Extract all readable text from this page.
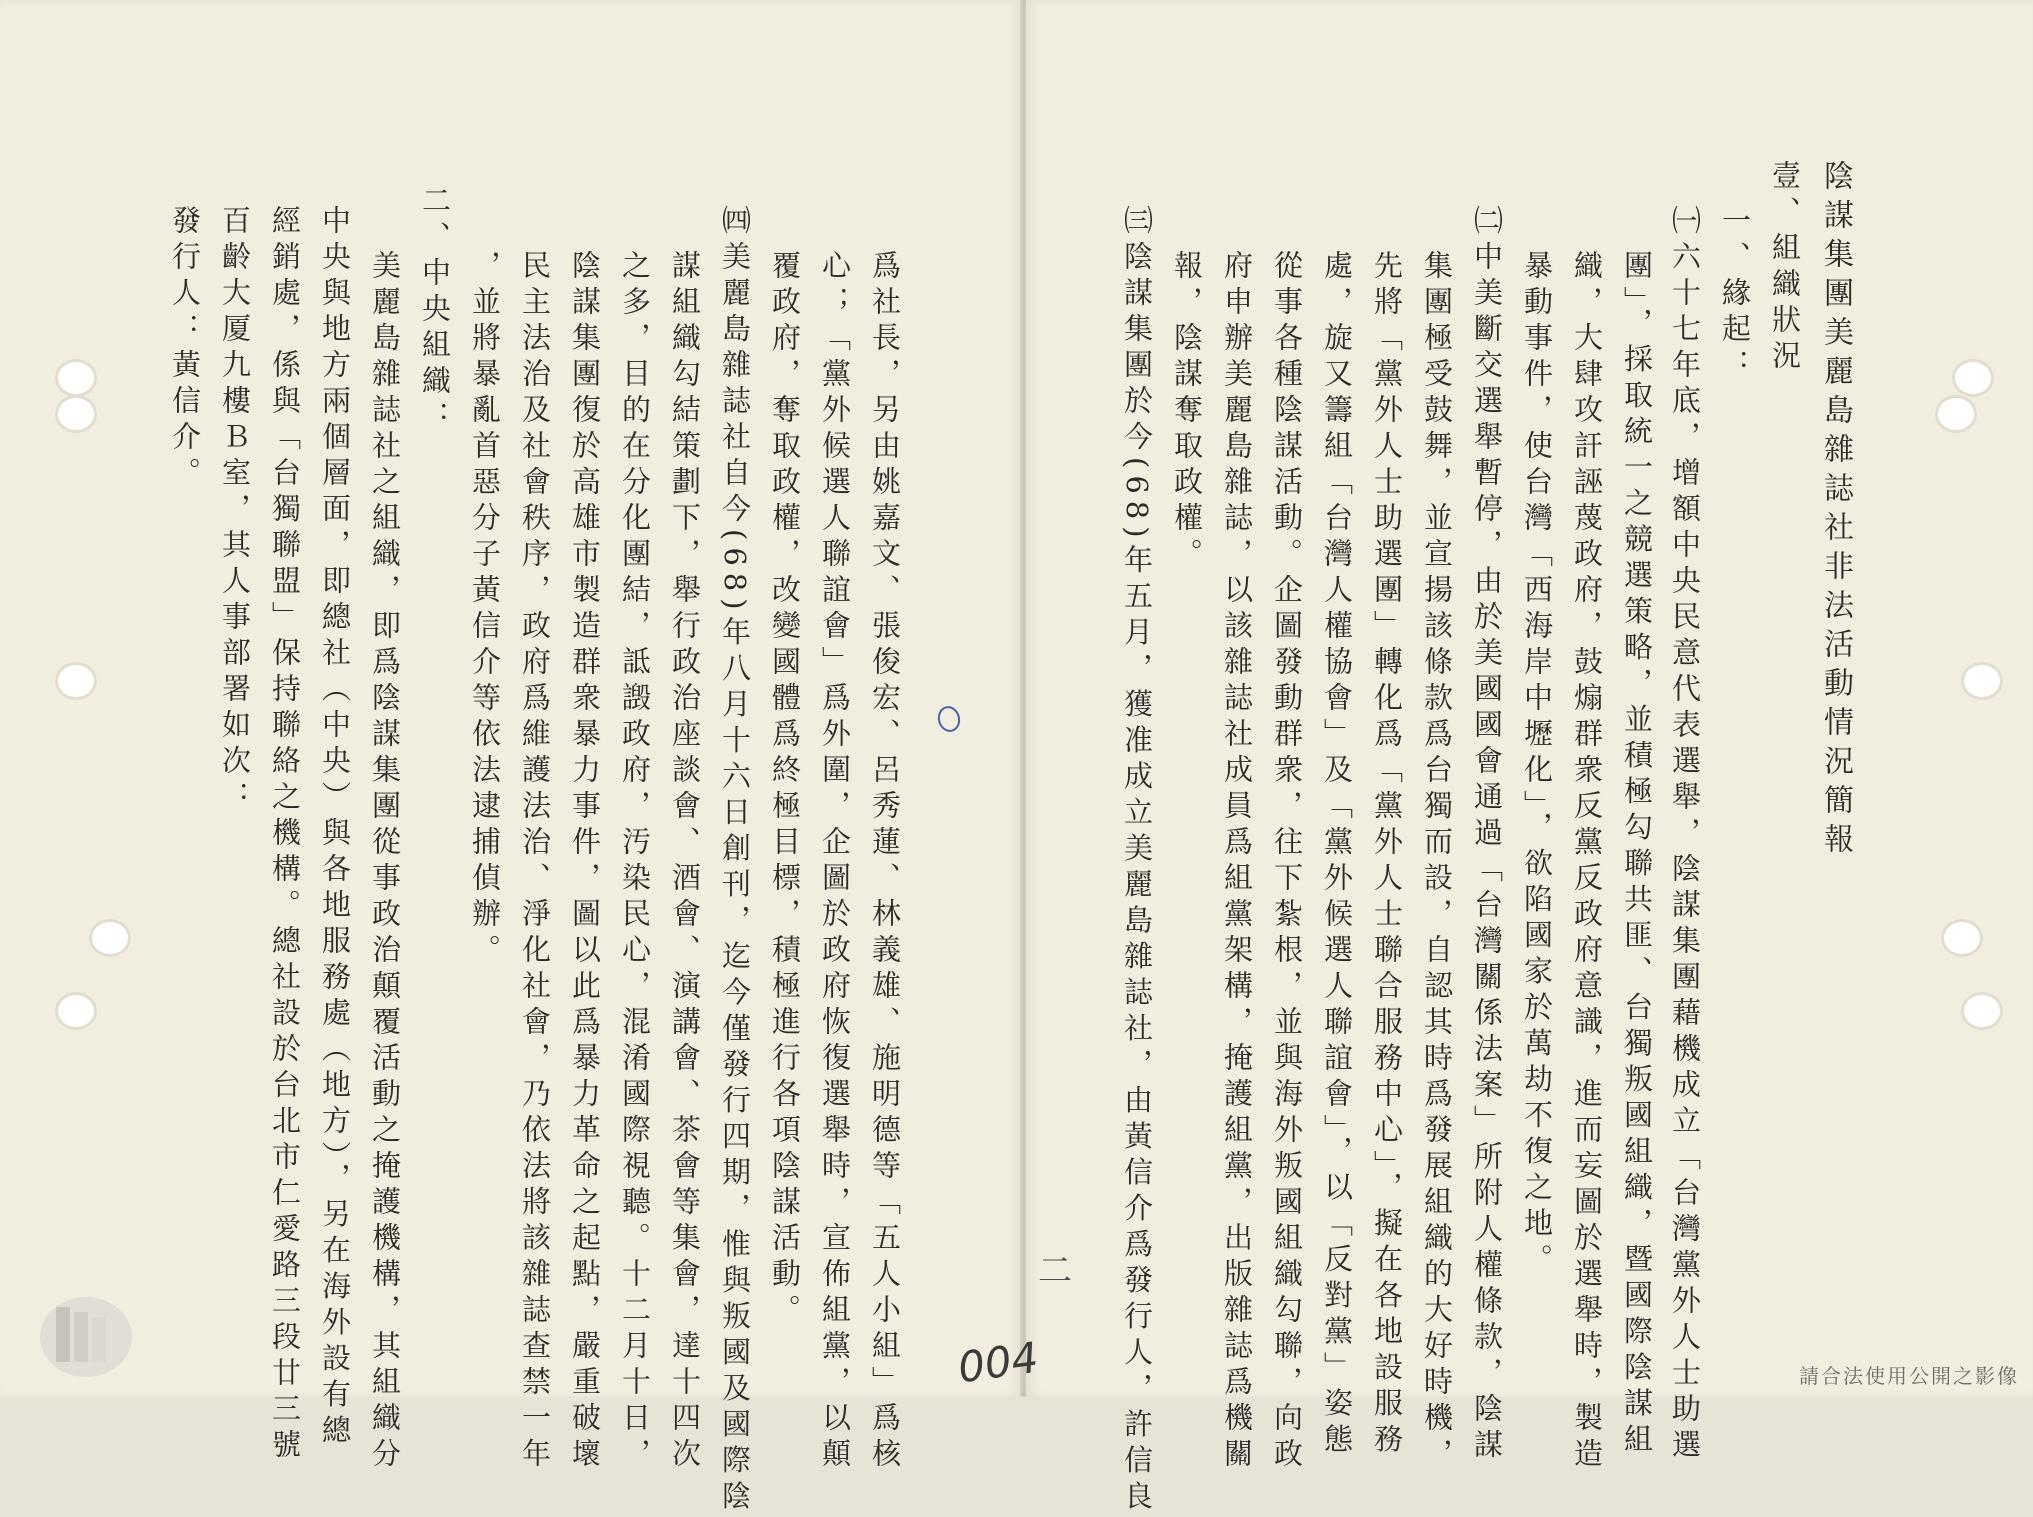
陰謀集團美麗島雜誌社非法活動情況簡報
壹、組織狀況
一、緣起：
㈠六十七年底，增額中央民意代表選舉，陰謀集團藉機成立「台灣黨外人士助選
團」，採取統一之競選策略，並積極勾聯共匪、台獨叛國組織，暨國際陰謀組
織，大肆攻訐誣蔑政府，鼓煽群衆反黨反政府意識，進而妄圖於選舉時，製造
暴動事件，使台灣「西海岸中壢化」，欲陷國家於萬劫不復之地。
㈡中美斷交選舉暫停，由於美國國會通過「台灣關係法案」所附人權條款，陰謀
集團極受鼓舞，並宣揚該條款爲台獨而設，自認其時爲發展組織的大好時機，
先將「黨外人士助選團」轉化爲「黨外人士聯合服務中心」，擬在各地設服務
處，旋又籌組「台灣人權協會」及「黨外候選人聯誼會」，以「反對黨」姿態
從事各種陰謀活動。企圖發動群衆，往下紮根，並與海外叛國組織勾聯，向政
府申辦美麗島雜誌，以該雜誌社成員爲組黨架構，掩護組黨，出版雜誌爲機關
報，陰謀奪取政權。
㈢陰謀集團於今(68)年五月，獲准成立美麗島雜誌社，由黃信介爲發行人，許信良
爲社長，另由姚嘉文、張俊宏、呂秀蓮、林義雄、施明德等「五人小組」爲核
心；「黨外候選人聯誼會」爲外圍，企圖於政府恢復選舉時，宣佈組黨，以顛
覆政府，奪取政權，改變國體爲終極目標，積極進行各項陰謀活動。
㈣美麗島雜誌社自今(68)年八月十六日創刊，迄今僅發行四期，惟與叛國及國際陰
謀組織勾結策劃下，舉行政治座談會、酒會、演講會、茶會等集會，達十四次
之多，目的在分化團結，詆譭政府，汚染民心，混淆國際視聽。十二月十日，
陰謀集團復於高雄市製造群衆暴力事件，圖以此爲暴力革命之起點，嚴重破壞
民主法治及社會秩序，政府爲維護法治、淨化社會，乃依法將該雜誌查禁一年
，並將暴亂首惡分子黃信介等依法逮捕偵辦。
二、中央組織：
美麗島雜誌社之組織，即爲陰謀集團從事政治顛覆活動之掩護機構，其組織分
中央與地方兩個層面，即總社（中央）與各地服務處（地方），另在海外設有總
經銷處，係與「台獨聯盟」保持聯絡之機構。總社設於台北市仁愛路三段廿三號
百齡大厦九樓Ｂ室，其人事部署如次：
發行人：黃信介。
二
004	請合法使用公開之影像
